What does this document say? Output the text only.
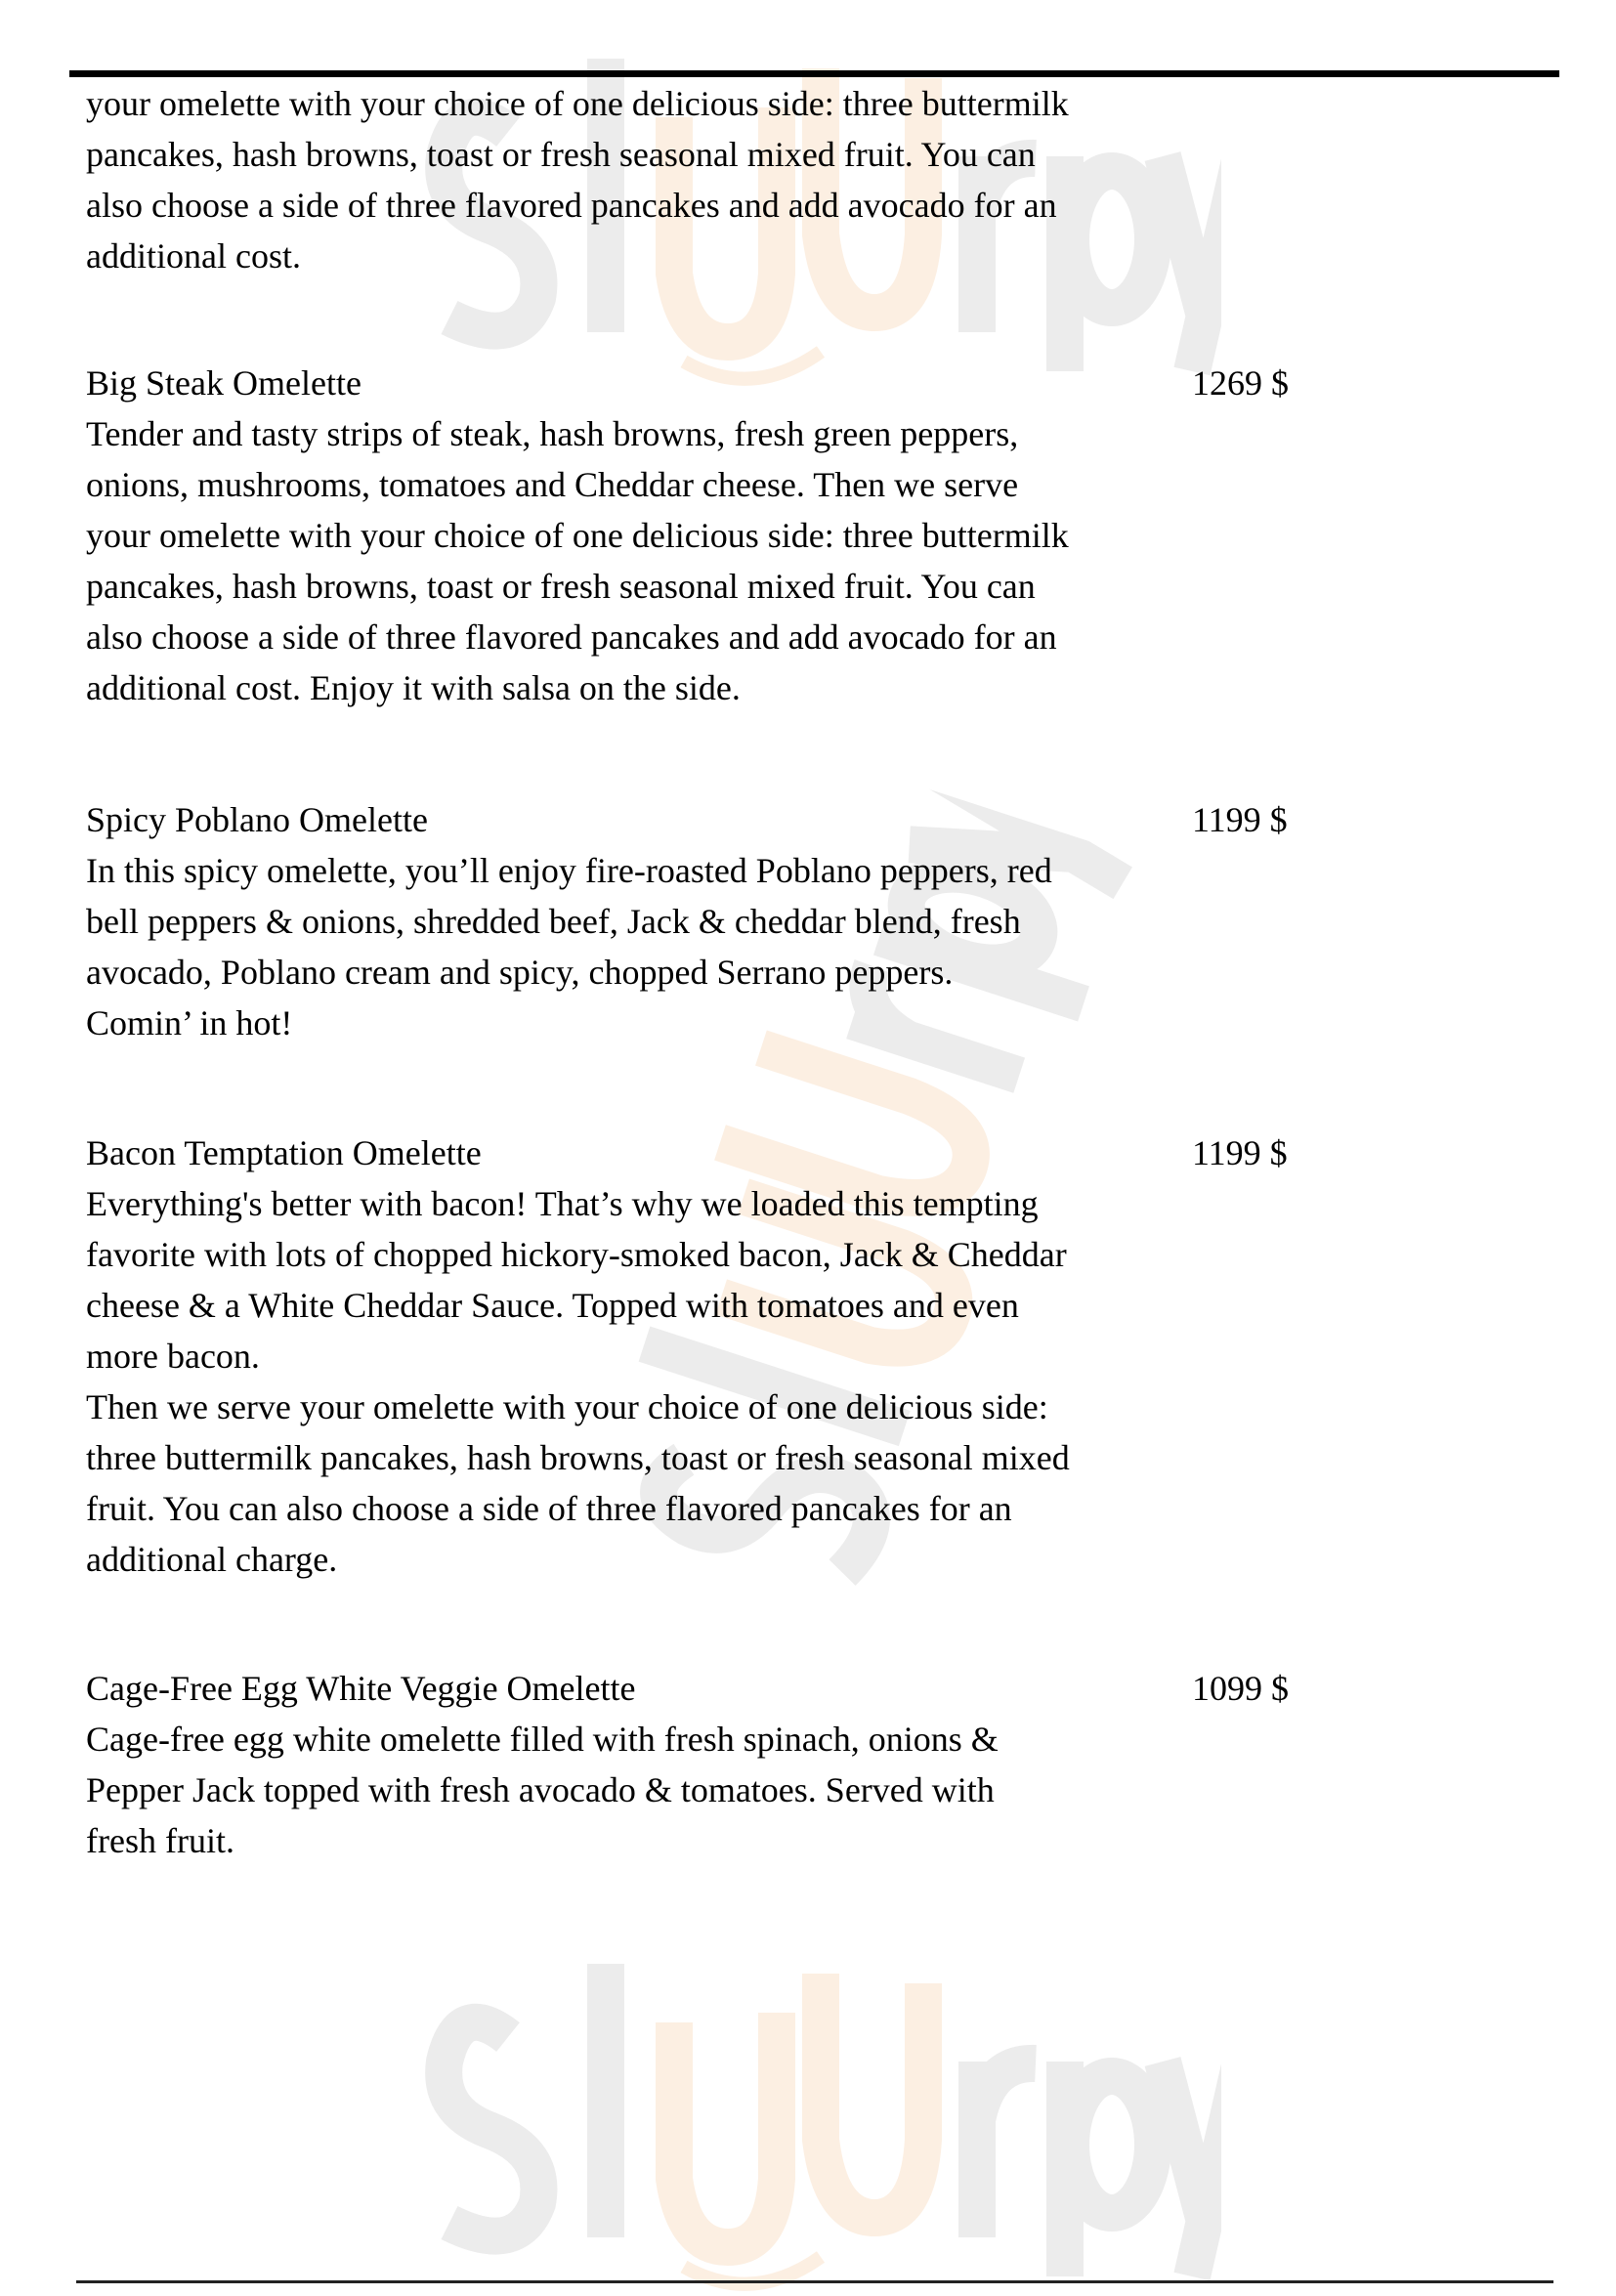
your omelette with your choice of one delicious side: three buttermilk
pancakes, hash browns, toast or fresh seasonal mixed fruit. You can
also choose a side of three flavored pancakes and add avocado for an
additional cost.
Big Steak Omelette	1269 $
Tender and tasty strips of steak, hash browns, fresh green peppers,
onions, mushrooms, tomatoes and Cheddar cheese. Then we serve
your omelette with your choice of one delicious side: three buttermilk
pancakes, hash browns, toast or fresh seasonal mixed fruit. You can
also choose a side of three flavored pancakes and add avocado for an
additional cost. Enjoy it with salsa on the side.
Spicy Poblano Omelette	1199 $
In this spicy omelette, you’ll enjoy fire-roasted Poblano peppers, red
bell peppers & onions, shredded beef, Jack & cheddar blend, fresh
avocado, Poblano cream and spicy, chopped Serrano peppers.
Comin’ in hot!
Bacon Temptation Omelette	1199 $
Everything's better with bacon! That’s why we loaded this tempting
favorite with lots of chopped hickory-smoked bacon, Jack & Cheddar
cheese & a White Cheddar Sauce. Topped with tomatoes and even
more bacon.
Then we serve your omelette with your choice of one delicious side:
three buttermilk pancakes, hash browns, toast or fresh seasonal mixed
fruit. You can also choose a side of three flavored pancakes for an
additional charge.
Cage-Free Egg White Veggie Omelette	1099 $
Cage-free egg white omelette filled with fresh spinach, onions &
Pepper Jack topped with fresh avocado & tomatoes. Served with
fresh fruit.
